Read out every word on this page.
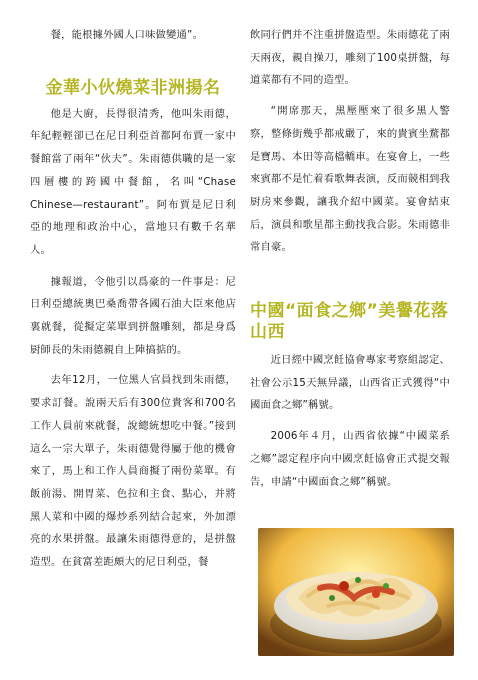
餐，能根據外國人口味做變通”。

金華小伙燒菜非洲揚名

他是大廚，長得很清秀，他叫朱雨德，年紀輕輕卻已在尼日利亞首都阿布賈一家中餐館當了兩年“伙夫”。朱雨德供職的是一家四層樓的跨國中餐館，名叫“Chase Chinese—restaurant”。阿布賈是尼日利亞的地理和政治中心，當地只有數千名華人。

據報道，令他引以爲豪的一件事是：尼日利亞總統奧巴桑喬帶各國石油大臣來他店裏就餐，從擬定菜單到拼盤雕刻，都是身爲厨師長的朱雨德親自上陣搞掂的。

去年12月，一位黑人官員找到朱雨德，要求訂餐。說兩天后有300位貴客和700名工作人員前來就餐，說總統想吃中餐。”接到這么一宗大單子，朱雨德覺得屬于他的機會來了，馬上和工作人員商擬了兩份菜單。有飯前湯、開胃菜、色拉和主食、點心，并將黑人菜和中國的爆炒系列結合起來，外加漂亮的水果拼盤。最讓朱雨德得意的，是拼盤造型。在貧富差距頗大的尼日利亞，餐

飲同行們并不注重拼盤造型。朱雨德花了兩天兩夜，親自操刀，雕刻了100桌拼盤，每道菜都有不同的造型。

“開席那天，黑壓壓來了很多黑人警察，整條街幾乎都戒嚴了，來的貴賓坐騖都是寶馬、本田等高檔轎車。在宴會上，一些來賓都不是忙着看歌舞表演，反而競相到我厨房來參觀，讓我介紹中國菜。宴會結束后，演員和歌星都主動找我合影。朱雨德非常自豪。

中國“面食之鄉”美譽花落山西

近日經中國烹飪協會專家考察組認定、社會公示15天無异議，山西省正式獲得“中國面食之鄉”稱號。

2006年４月，山西省依據“中國菜系之鄉”認定程序向中國烹飪協會正式提交報告，申請“中國面食之鄉”稱號。
